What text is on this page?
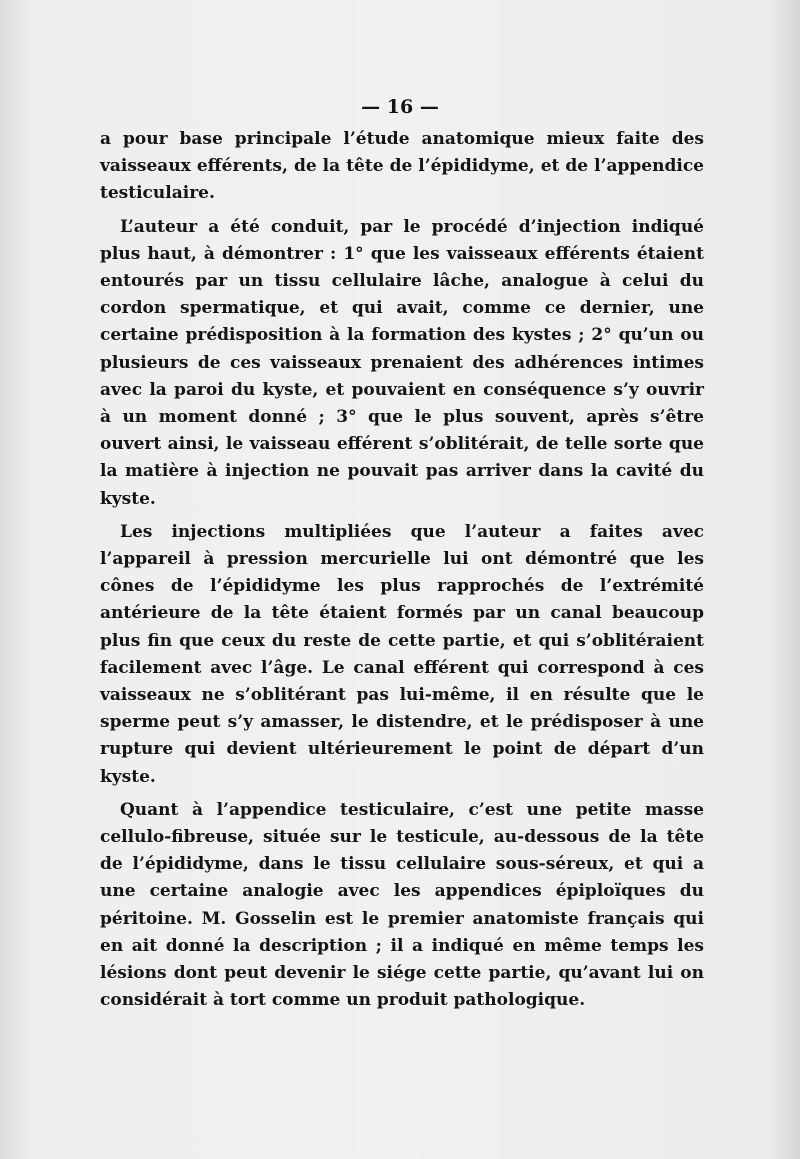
— 16 —

a pour base principale l’étude anatomique mieux faite des vaisseaux efférents, de la tête de l’épididyme, et de l’appendice testiculaire.

L’auteur a été conduit, par le procédé d’injection indiqué plus haut, à démontrer : 1° que les vaisseaux efférents étaient entourés par un tissu cellulaire lâche, analogue à celui du cordon spermatique, et qui avait, comme ce dernier, une certaine prédisposition à la formation des kystes ; 2° qu’un ou plusieurs de ces vaisseaux prenaient des adhérences intimes avec la paroi du kyste, et pouvaient en conséquence s’y ouvrir à un moment donné ; 3° que le plus souvent, après s’être ouvert ainsi, le vaisseau efférent s’oblitérait, de telle sorte que la matière à injection ne pouvait pas arriver dans la cavité du kyste.

Les injections multipliées que l’auteur a faites avec l’appareil à pression mercurielle lui ont démontré que les cônes de l’épididyme les plus rapprochés de l’extrémité antérieure de la tête étaient formés par un canal beaucoup plus fin que ceux du reste de cette partie, et qui s’oblitéraient facilement avec l’âge. Le canal efférent qui correspond à ces vaisseaux ne s’oblitérant pas lui-même, il en résulte que le sperme peut s’y amasser, le distendre, et le prédisposer à une rupture qui devient ultérieurement le point de départ d’un kyste.

Quant à l’appendice testiculaire, c’est une petite masse cellulo-fibreuse, située sur le testicule, au-dessous de la tête de l’épididyme, dans le tissu cellulaire sous-séreux, et qui a une certaine analogie avec les appendices épiploïques du péritoine. M. Gosselin est le premier anatomiste français qui en ait donné la description ; il a indiqué en même temps les lésions dont peut devenir le siége cette partie, qu’avant lui on considérait à tort comme un produit pathologique.
